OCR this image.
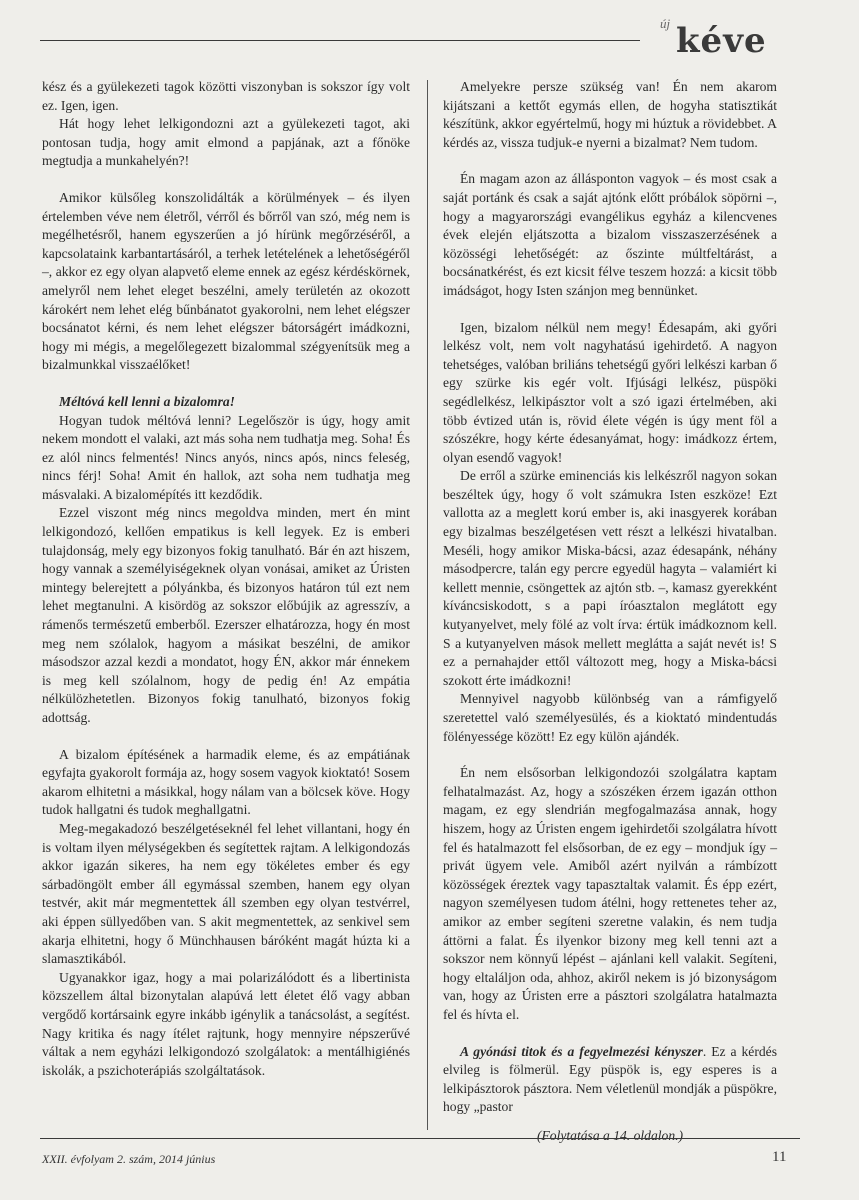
új kéve

kész és a gyülekezeti tagok közötti viszonyban is sokszor így volt ez. Igen, igen.

Hát hogy lehet lelkigondozni azt a gyülekezeti tagot, aki pontosan tudja, hogy amit elmond a papjának, azt a főnöke megtudja a munkahelyén?!

Amikor külsőleg konszolidálták a körülmények – és ilyen értelemben véve nem életről, vérről és bőrről van szó, még nem is megélhetésről, hanem egyszerűen a jó hírünk megőrzéséről, a kapcsolataink karbantartásáról, a terhek letételének a lehetőségéről –, akkor ez egy olyan alapvető eleme ennek az egész kérdéskörnek, amelyről nem lehet eleget beszélni, amely területén az okozott károkért nem lehet elég bűnbánatot gyakorolni, nem lehet elégszer bocsánatot kérni, és nem lehet elégszer bátorságért imádkozni, hogy mi mégis, a megelőlegezett bizalommal szégyenítsük meg a bizalmunkkal visszaélőket!

Méltóvá kell lenni a bizalomra!

Hogyan tudok méltóvá lenni? Legelőször is úgy, hogy amit nekem mondott el valaki, azt más soha nem tudhatja meg. Soha! És ez alól nincs felmentés! Nincs anyós, nincs após, nincs feleség, nincs férj! Soha! Amit én hallok, azt soha nem tudhatja meg másvalaki. A bizalomépítés itt kezdődik.

Ezzel viszont még nincs megoldva minden, mert én mint lelkigondozó, kellően empatikus is kell legyek. Ez is emberi tulajdonság, mely egy bizonyos fokig tanulható. Bár én azt hiszem, hogy vannak a személyiségeknek olyan vonásai, amiket az Úristen mintegy belerejtett a pólyánkba, és bizonyos határon túl ezt nem lehet megtanulni. A kisördög az sokszor előbújik az agresszív, a rámenős természetű emberből. Ezerszer elhatározza, hogy én most meg nem szólalok, hagyom a másikat beszélni, de amikor másodszor azzal kezdi a mondatot, hogy ÉN, akkor már énnekem is meg kell szólalnom, hogy de pedig én! Az empátia nélkülözhetetlen. Bizonyos fokig tanulható, bizonyos fokig adottság.

A bizalom építésének a harmadik eleme, és az empátiának egyfajta gyakorolt formája az, hogy sosem vagyok kioktató! Sosem akarom elhitetni a másikkal, hogy nálam van a bölcsek köve. Hogy tudok hallgatni és tudok meghallgatni.

Meg-megakadozó beszélgetéseknél fel lehet villantani, hogy én is voltam ilyen mélységekben és segítettek rajtam. A lelkigondozás akkor igazán sikeres, ha nem egy tökéletes ember és egy sárbadöngölt ember áll egymással szemben, hanem egy olyan testvér, akit már megmentettek áll szemben egy olyan testvérrel, aki éppen süllyedőben van. S akit megmentettek, az senkivel sem akarja elhitetni, hogy ő Münchhausen báróként magát húzta ki a slamasztikából.

Ugyanakkor igaz, hogy a mai polarizálódott és a libertinista közszellem által bizonytalan alapúvá lett életet élő vagy abban vergődő kortársaink egyre inkább igénylik a tanácsolást, a segítést. Nagy kritika és nagy ítélet rajtunk, hogy mennyire népszerűvé váltak a nem egyházi lelkigondozó szolgálatok: a mentálhigiénés iskolák, a pszichoterápiás szolgáltatások.

Amelyekre persze szükség van! Én nem akarom kijátszani a kettőt egymás ellen, de hogyha statisztikát készítünk, akkor egyértelmű, hogy mi húztuk a rövidebbet. A kérdés az, vissza tudjuk-e nyerni a bizalmat? Nem tudom.

Én magam azon az állásponton vagyok – és most csak a saját portánk és csak a saját ajtónk előtt próbálok söpörni –, hogy a magyarországi evangélikus egyház a kilencvenes évek elején eljátszotta a bizalom visszaszerzésének a közösségi lehetőségét: az őszinte múltfeltárást, a bocsánatkérést, és ezt kicsit félve teszem hozzá: a kicsit több imádságot, hogy Isten szánjon meg bennünket.

Igen, bizalom nélkül nem megy! Édesapám, aki győri lelkész volt, nem volt nagyhatású igehirdető. A nagyon tehetséges, valóban briliáns tehetségű győri lelkészi karban ő egy szürke kis egér volt. Ifjúsági lelkész, püspöki segédlelkész, lelkipásztor volt a szó igazi értelmében, aki több évtized után is, rövid élete végén is úgy ment föl a szószékre, hogy kérte édesanyámat, hogy: imádkozz értem, olyan esendő vagyok!

De erről a szürke eminenciás kis lelkészről nagyon sokan beszéltek úgy, hogy ő volt számukra Isten eszköze! Ezt vallotta az a meglett korú ember is, aki inasgyerek korában egy bizalmas beszélgetésen vett részt a lelkészi hivatalban. Meséli, hogy amikor Miska-bácsi, azaz édesapánk, néhány másodpercre, talán egy percre egyedül hagyta – valamiért ki kellett mennie, csöngettek az ajtón stb. –, kamasz gyerekként kíváncsiskodott, s a papi íróasztalon meglátott egy kutyanyelvet, mely fölé az volt írva: értük imádkoznom kell. S a kutyanyelven mások mellett meglátta a saját nevét is! S ez a pernahajder ettől változott meg, hogy a Miska-bácsi szokott érte imádkozni!

Mennyivel nagyobb különbség van a rámfigyelő szeretettel való személyesülés, és a kioktató mindentudás fölényessége között! Ez egy külön ajándék.

Én nem elsősorban lelkigondozói szolgálatra kaptam felhatalmazást. Az, hogy a szószéken érzem igazán otthon magam, ez egy slendrián megfogalmazása annak, hogy hiszem, hogy az Úristen engem igehirdetői szolgálatra hívott fel és hatalmazott fel elsősorban, de ez egy – mondjuk így – privát ügyem vele. Amiből azért nyilván a rámbízott közösségek éreztek vagy tapasztaltak valamit. És épp ezért, nagyon személyesen tudom átélni, hogy rettenetes teher az, amikor az ember segíteni szeretne valakin, és nem tudja áttörni a falat. És ilyenkor bizony meg kell tenni azt a sokszor nem könnyű lépést – ajánlani kell valakit. Segíteni, hogy eltaláljon oda, ahhoz, akiről nekem is jó bizonyságom van, hogy az Úristen erre a pásztori szolgálatra hatalmazta fel és hívta el.

A gyónási titok és a fegyelmezési kényszer. Ez a kérdés elvileg is fölmerül. Egy püspök is, egy esperes is a lelkipásztorok pásztora. Nem véletlenül mondják a püspökre, hogy „pastor

(Folytatása a 14. oldalon.)
XXII. évfolyam 2. szám, 2014 június	11
